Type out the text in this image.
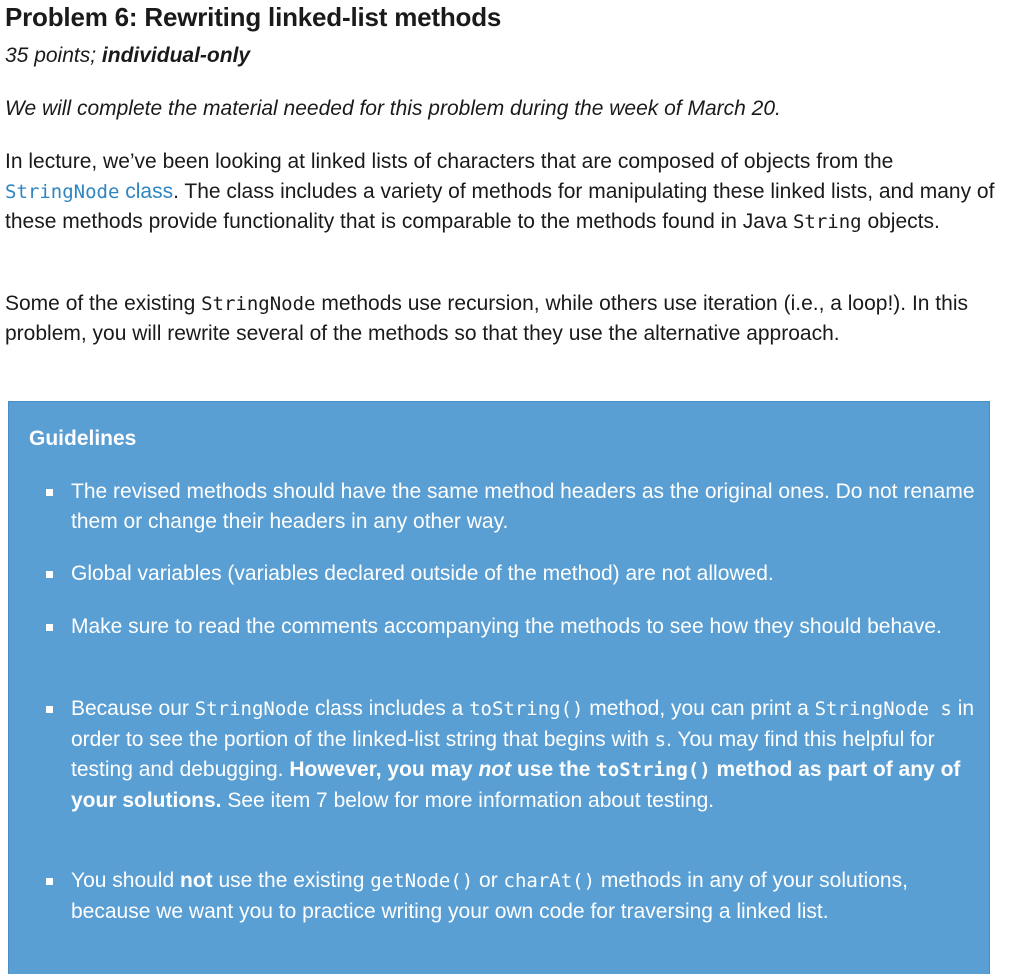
Problem 6: Rewriting linked-list methods
35 points; individual-only
We will complete the material needed for this problem during the week of March 20.

In lecture, we’ve been looking at linked lists of characters that are composed of objects from the StringNode class. The class includes a variety of methods for manipulating these linked lists, and many of these methods provide functionality that is comparable to the methods found in Java String objects.

Some of the existing StringNode methods use recursion, while others use iteration (i.e., a loop!). In this problem, you will rewrite several of the methods so that they use the alternative approach.

Guidelines
The revised methods should have the same method headers as the original ones. Do not rename them or change their headers in any other way.
Global variables (variables declared outside of the method) are not allowed.
Make sure to read the comments accompanying the methods to see how they should behave.
Because our StringNode class includes a toString() method, you can print a StringNode s in order to see the portion of the linked-list string that begins with s. You may find this helpful for testing and debugging. However, you may not use the toString() method as part of any of your solutions. See item 7 below for more information about testing.
You should not use the existing getNode() or charAt() methods in any of your solutions, because we want you to practice writing your own code for traversing a linked list.
